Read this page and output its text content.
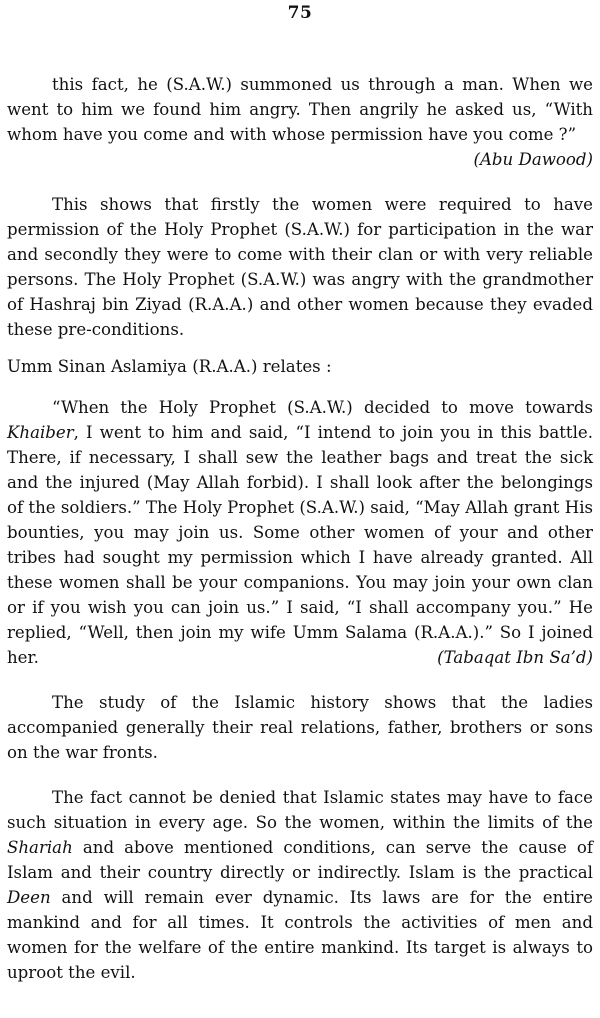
75

this fact, he (S.A.W.) summoned us through a man. When we went to him we found him angry. Then angrily he asked us, “With whom have you come and with whose permission have you come ?”
(Abu Dawood)

This shows that firstly the women were required to have permission of the Holy Prophet (S.A.W.) for participation in the war and secondly they were to come with their clan or with very reliable persons. The Holy Prophet (S.A.W.) was angry with the grandmother of Hashraj bin Ziyad (R.A.A.) and other women because they evaded these pre-conditions.

Umm Sinan Aslamiya (R.A.A.) relates :

“When the Holy Prophet (S.A.W.) decided to move towards Khaiber, I went to him and said, “I intend to join you in this battle. There, if necessary, I shall sew the leather bags and treat the sick and the injured (May Allah forbid). I shall look after the belongings of the soldiers.” The Holy Prophet (S.A.W.) said, “May Allah grant His bounties, you may join us. Some other women of your and other tribes had sought my permission which I have already granted. All these women shall be your companions. You may join your own clan or if you wish you can join us.” I said, “I shall accompany you.” He replied, “Well, then join my wife Umm Salama (R.A.A.).” So I joined her.	(Tabaqat Ibn Sa’d)

The study of the Islamic history shows that the ladies accompanied generally their real relations, father, brothers or sons on the war fronts.

The fact cannot be denied that Islamic states may have to face such situation in every age. So the women, within the limits of the Shariah and above mentioned conditions, can serve the cause of Islam and their country directly or indirectly. Islam is the practical Deen and will remain ever dynamic. Its laws are for the entire mankind and for all times. It controls the activities of men and women for the welfare of the entire mankind. Its target is always to uproot the evil.
